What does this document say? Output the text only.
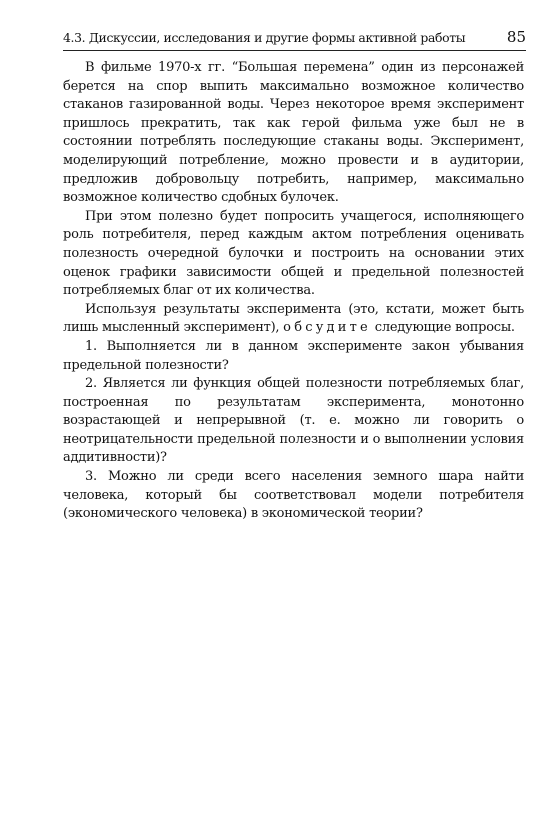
4.3. Дискуссии, исследования и другие формы активной работы	85

В фильме 1970-х гг. “Большая перемена” один из персонажей берется на спор выпить максимально возможное количество стаканов газированной воды. Через некоторое время эксперимент пришлось прекратить, так как герой фильма уже был не в состоянии потреблять последующие стаканы воды. Эксперимент, моделирующий потребление, можно провести и в аудитории, предложив добровольцу потребить, например, максимально возможное количество сдобных булочек.

При этом полезно будет попросить учащегося, исполняющего роль потребителя, перед каждым актом потребления оценивать полезность очередной булочки и построить на основании этих оценок графики зависимости общей и предельной полезностей потребляемых благ от их количества.

Используя результаты эксперимента (это, кстати, может быть лишь мысленный эксперимент), обсудите следующие вопросы.

1. Выполняется ли в данном эксперименте закон убывания предельной полезности?

2. Является ли функция общей полезности потребляемых благ, построенная по результатам эксперимента, монотонно возрастающей и непрерывной (т. е. можно ли говорить о неотрицательности предельной полезности и о выполнении условия аддитивности)?

3. Можно ли среди всего населения земного шара найти человека, который бы соответствовал модели потребителя (экономического человека) в экономической теории?
